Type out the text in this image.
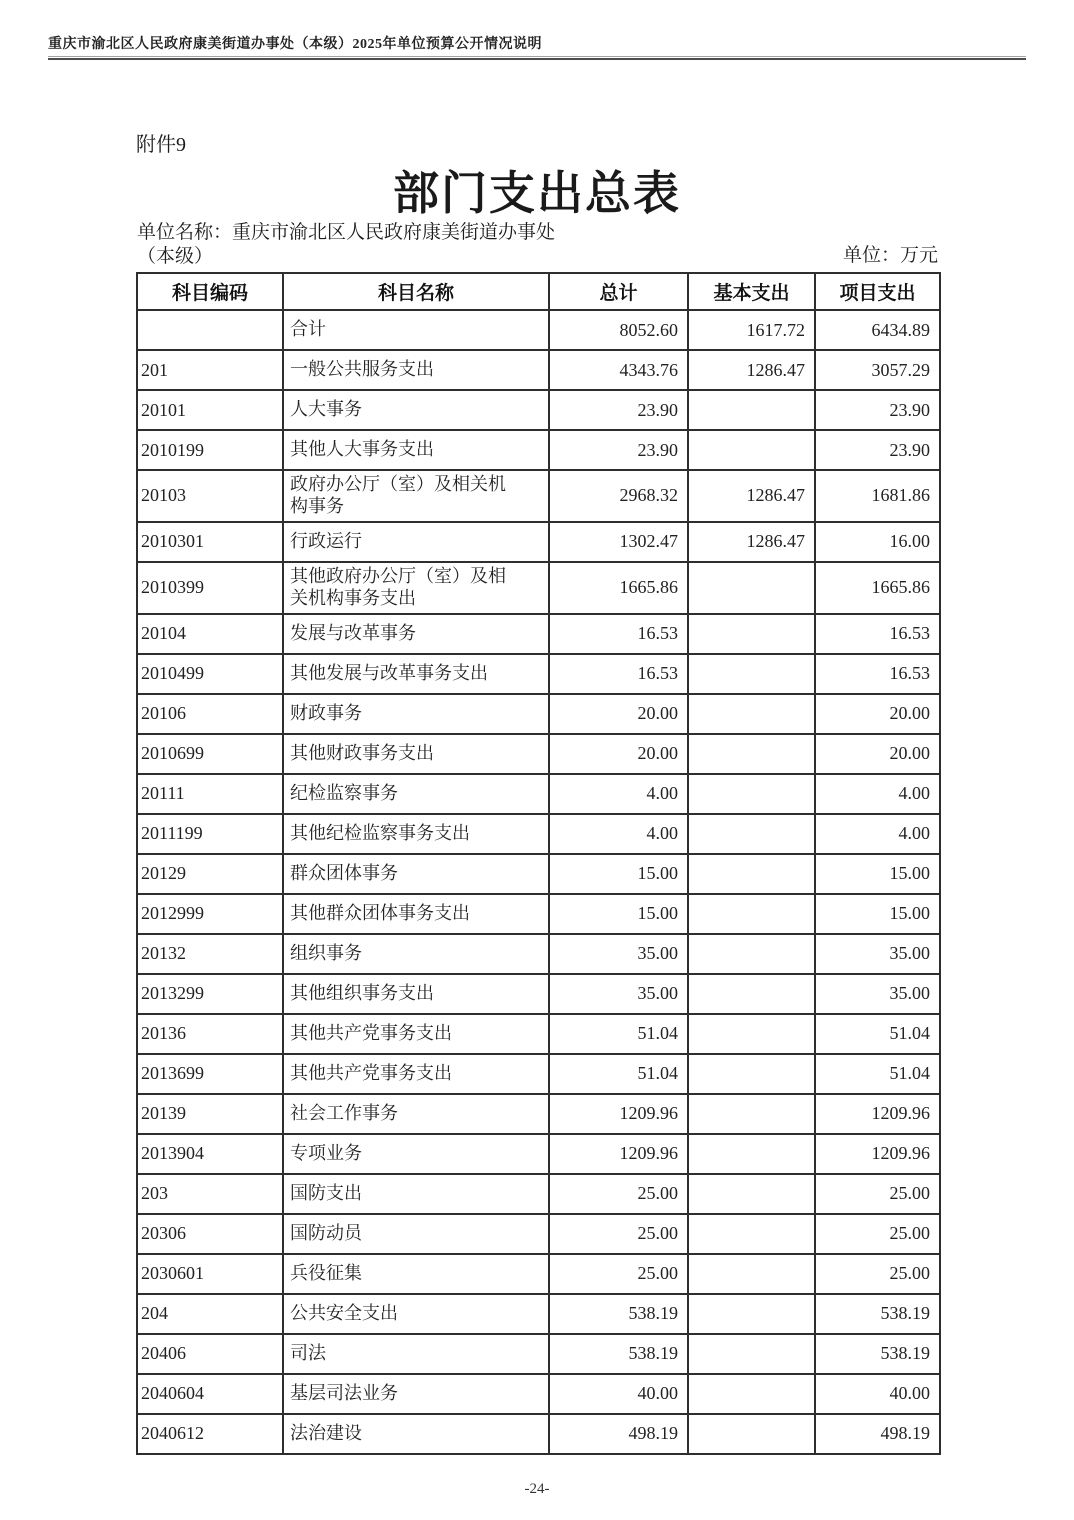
重庆市渝北区人民政府康美街道办事处（本级）2025年单位预算公开情况说明
附件9
部门支出总表
单位名称：重庆市渝北区人民政府康美街道办事处（本级）	单位：万元
科目编码	科目名称	总计	基本支出	项目支出
	合计	8052.60	1617.72	6434.89
201	一般公共服务支出	4343.76	1286.47	3057.29
20101	人大事务	23.90		23.90
2010199	其他人大事务支出	23.90		23.90
20103	政府办公厅（室）及相关机构事务	2968.32	1286.47	1681.86
2010301	行政运行	1302.47	1286.47	16.00
2010399	其他政府办公厅（室）及相关机构事务支出	1665.86		1665.86
20104	发展与改革事务	16.53		16.53
2010499	其他发展与改革事务支出	16.53		16.53
20106	财政事务	20.00		20.00
2010699	其他财政事务支出	20.00		20.00
20111	纪检监察事务	4.00		4.00
2011199	其他纪检监察事务支出	4.00		4.00
20129	群众团体事务	15.00		15.00
2012999	其他群众团体事务支出	15.00		15.00
20132	组织事务	35.00		35.00
2013299	其他组织事务支出	35.00		35.00
20136	其他共产党事务支出	51.04		51.04
2013699	其他共产党事务支出	51.04		51.04
20139	社会工作事务	1209.96		1209.96
2013904	专项业务	1209.96		1209.96
203	国防支出	25.00		25.00
20306	国防动员	25.00		25.00
2030601	兵役征集	25.00		25.00
204	公共安全支出	538.19		538.19
20406	司法	538.19		538.19
2040604	基层司法业务	40.00		40.00
2040612	法治建设	498.19		498.19
-24-
